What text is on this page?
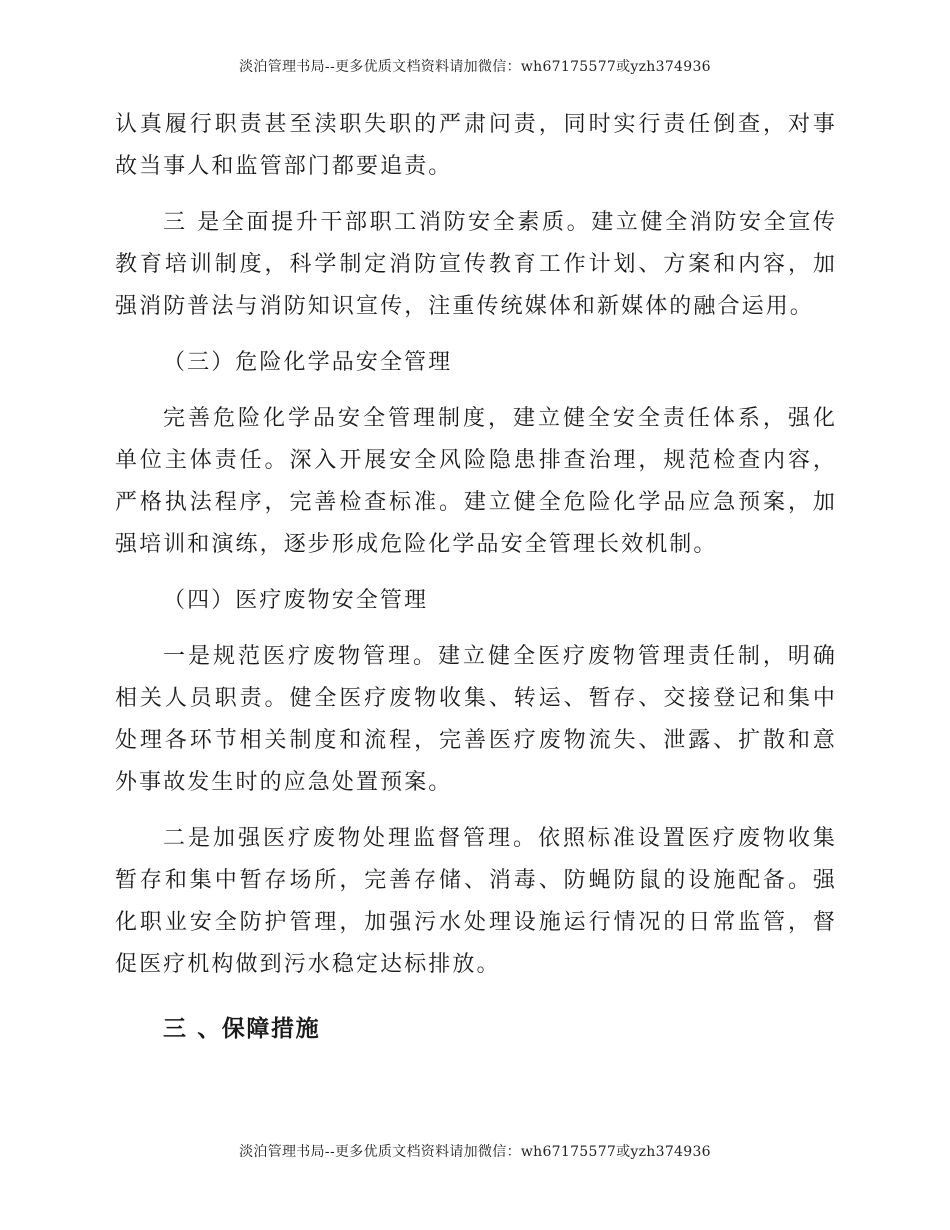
淡泊管理书局--更多优质文档资料请加微信：wh67175577或yzh374936

认真履行职责甚至渎职失职的严肃问责，同时实行责任倒查，对事故当事人和监管部门都要追责。

三 是全面提升干部职工消防安全素质。建立健全消防安全宣传教育培训制度，科学制定消防宣传教育工作计划、方案和内容，加强消防普法与消防知识宣传，注重传统媒体和新媒体的融合运用。

（三）危险化学品安全管理

完善危险化学品安全管理制度，建立健全安全责任体系，强化单位主体责任。深入开展安全风险隐患排查治理，规范检查内容，严格执法程序，完善检查标准。建立健全危险化学品应急预案，加强培训和演练，逐步形成危险化学品安全管理长效机制。

（四）医疗废物安全管理

一是规范医疗废物管理。建立健全医疗废物管理责任制，明确相关人员职责。健全医疗废物收集、转运、暂存、交接登记和集中处理各环节相关制度和流程，完善医疗废物流失、泄露、扩散和意外事故发生时的应急处置预案。

二是加强医疗废物处理监督管理。依照标准设置医疗废物收集暂存和集中暂存场所，完善存储、消毒、防蝇防鼠的设施配备。强化职业安全防护管理，加强污水处理设施运行情况的日常监管，督促医疗机构做到污水稳定达标排放。

三 、保障措施
淡泊管理书局--更多优质文档资料请加微信：wh67175577或yzh374936
